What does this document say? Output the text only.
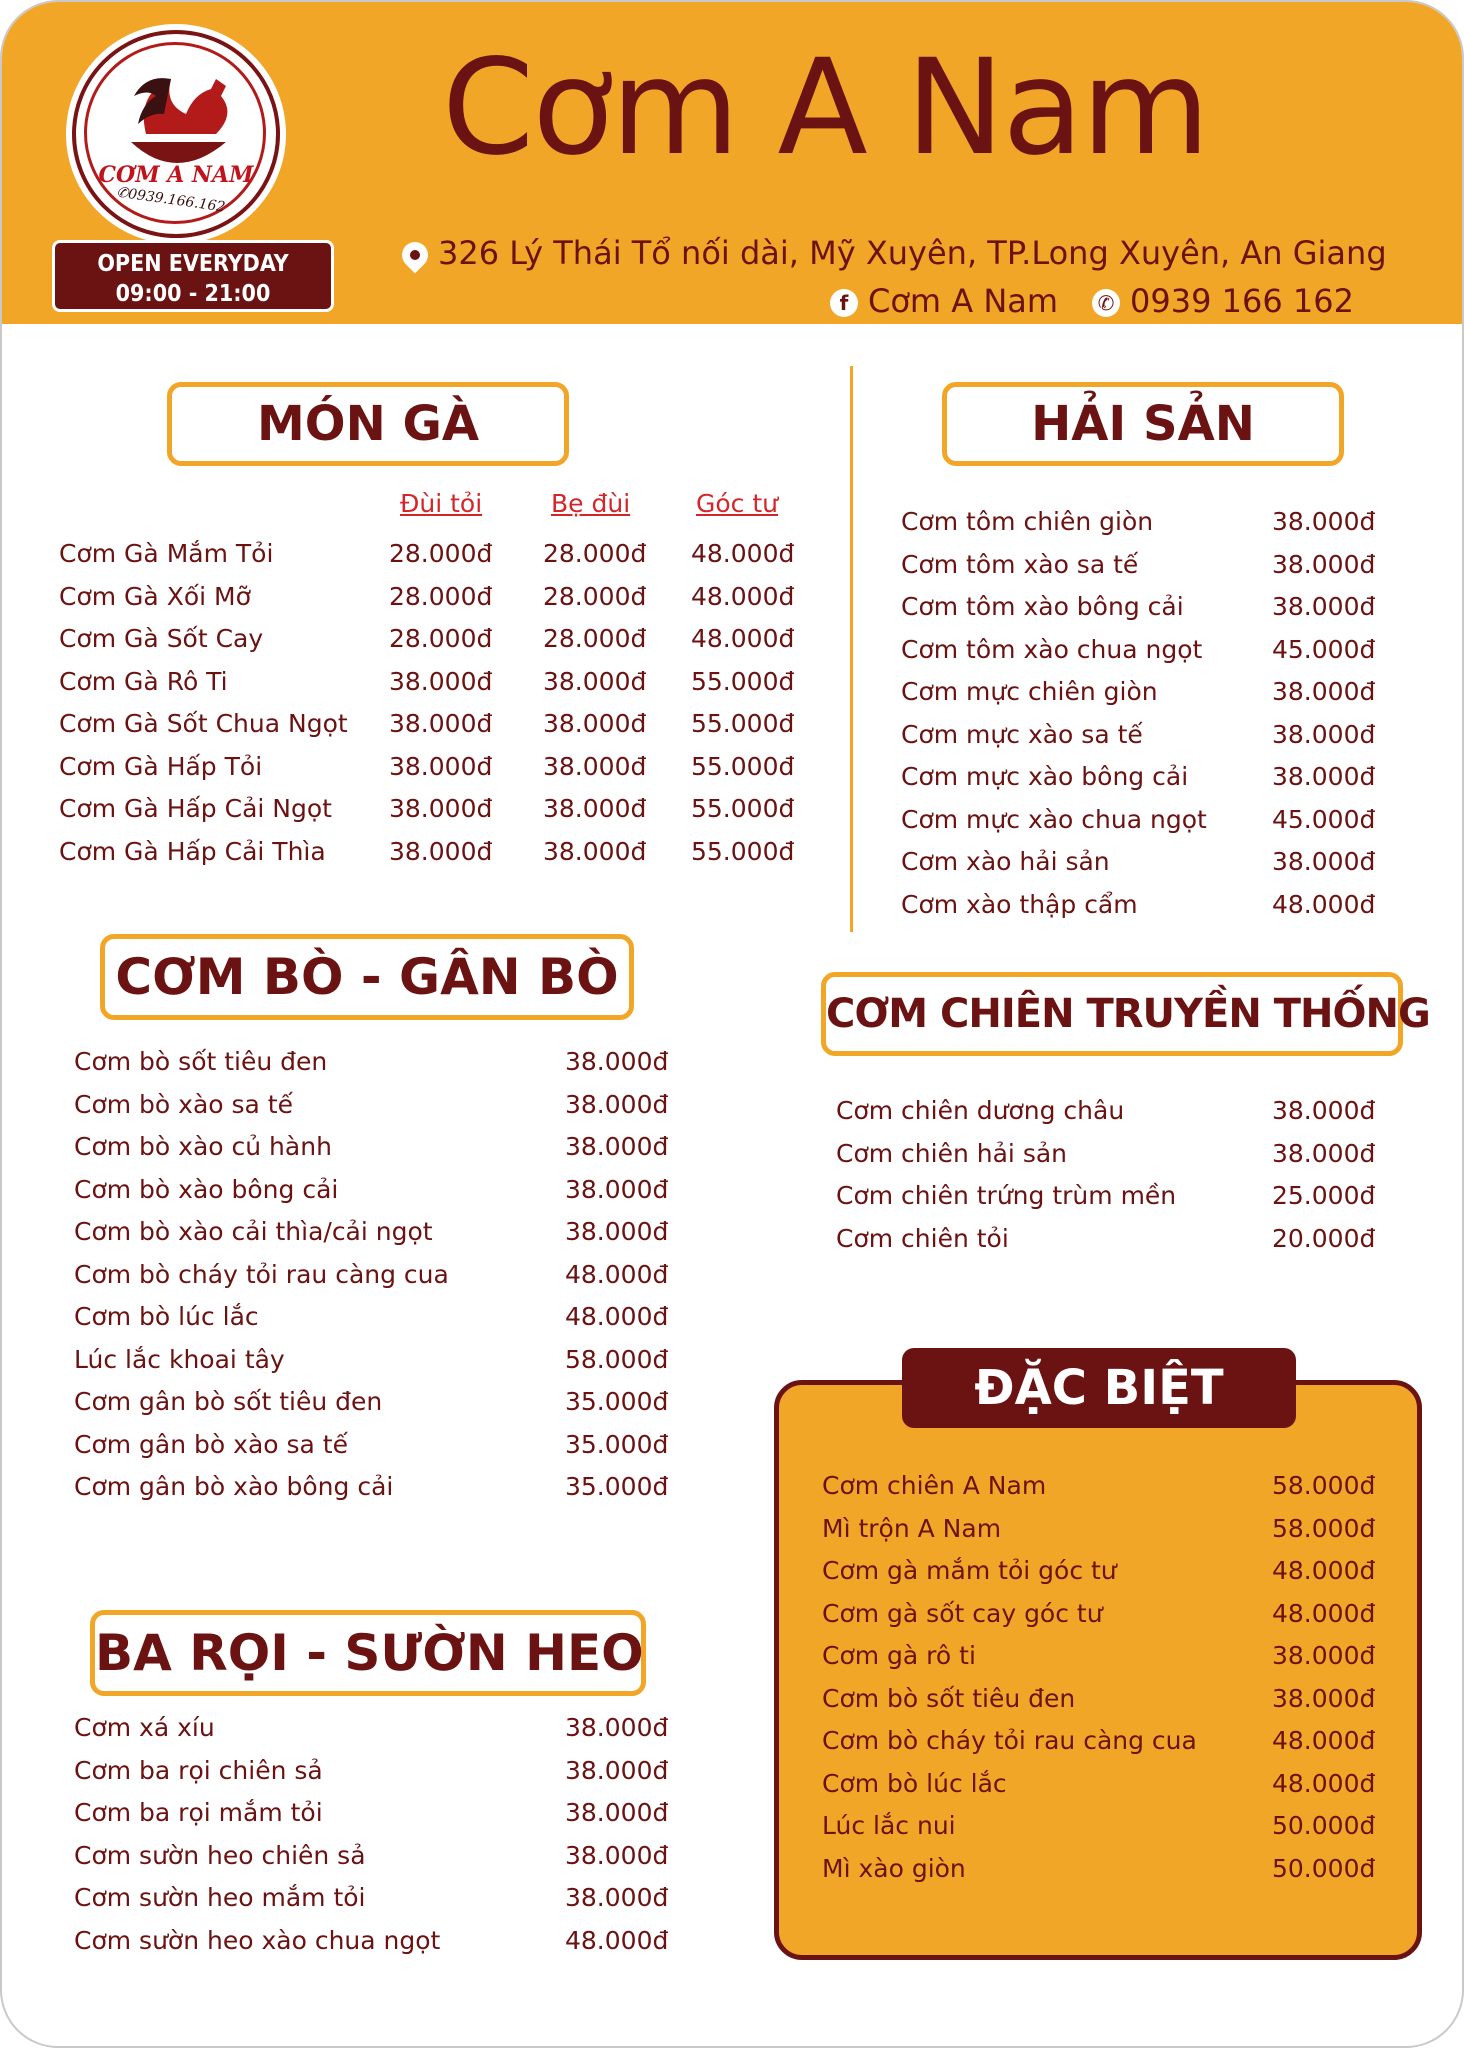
CƠM A NAM
✆0939.166.162
OPEN EVERYDAY
09:00 - 21:00
Cơm A Nam
326 Lý Thái Tổ nối dài, Mỹ Xuyên, TP.Long Xuyên, An Giang
f Cơm A Nam ✆ 0939 166 162
MÓN GÀ
Đùi tỏi	Bẹ đùi	Góc tư
Cơm Gà Mắm Tỏi	28.000đ 28.000đ 48.000đ
Cơm Gà Xối Mỡ	28.000đ 28.000đ 48.000đ
Cơm Gà Sốt Cay	28.000đ 28.000đ 48.000đ
Cơm Gà Rô Ti	38.000đ 38.000đ 55.000đ
Cơm Gà Sốt Chua Ngọt 38.000đ 38.000đ 55.000đ
Cơm Gà Hấp Tỏi	38.000đ 38.000đ 55.000đ
Cơm Gà Hấp Cải Ngọt 38.000đ 38.000đ 55.000đ
Cơm Gà Hấp Cải Thìa	38.000đ 38.000đ 55.000đ
HẢI SẢN
Cơm tôm chiên giòn	38.000đ
Cơm tôm xào sa tế	38.000đ
Cơm tôm xào bông cải	38.000đ
Cơm tôm xào chua ngọt	45.000đ
Cơm mực chiên giòn	38.000đ
Cơm mực xào sa tế	38.000đ
Cơm mực xào bông cải	38.000đ
Cơm mực xào chua ngọt	45.000đ
Cơm xào hải sản	38.000đ
Cơm xào thập cẩm	48.000đ
CƠM BÒ - GÂN BÒ
Cơm bò sốt tiêu đen	38.000đ
Cơm bò xào sa tế	38.000đ
Cơm bò xào củ hành	38.000đ
Cơm bò xào bông cải	38.000đ
Cơm bò xào cải thìa/cải ngọt	38.000đ
Cơm bò cháy tỏi rau càng cua	48.000đ
Cơm bò lúc lắc	48.000đ
Lúc lắc khoai tây	58.000đ
Cơm gân bò sốt tiêu đen	35.000đ
Cơm gân bò xào sa tế	35.000đ
Cơm gân bò xào bông cải	35.000đ
CƠM CHIÊN TRUYỀN THỐNG
Cơm chiên dương châu	38.000đ
Cơm chiên hải sản	38.000đ
Cơm chiên trứng trùm mền	25.000đ
Cơm chiên tỏi	20.000đ
BA RỌI - SƯỜN HEO
Cơm xá xíu	38.000đ
Cơm ba rọi chiên sả	38.000đ
Cơm ba rọi mắm tỏi	38.000đ
Cơm sườn heo chiên sả	38.000đ
Cơm sườn heo mắm tỏi	38.000đ
Cơm sườn heo xào chua ngọt	48.000đ
ĐẶC BIỆT
Cơm chiên A Nam	58.000đ
Mì trộn A Nam	58.000đ
Cơm gà mắm tỏi góc tư	48.000đ
Cơm gà sốt cay góc tư	48.000đ
Cơm gà rô ti	38.000đ
Cơm bò sốt tiêu đen	38.000đ
Cơm bò cháy tỏi rau càng cua	48.000đ
Cơm bò lúc lắc	48.000đ
Lúc lắc nui	50.000đ
Mì xào giòn	50.000đ
